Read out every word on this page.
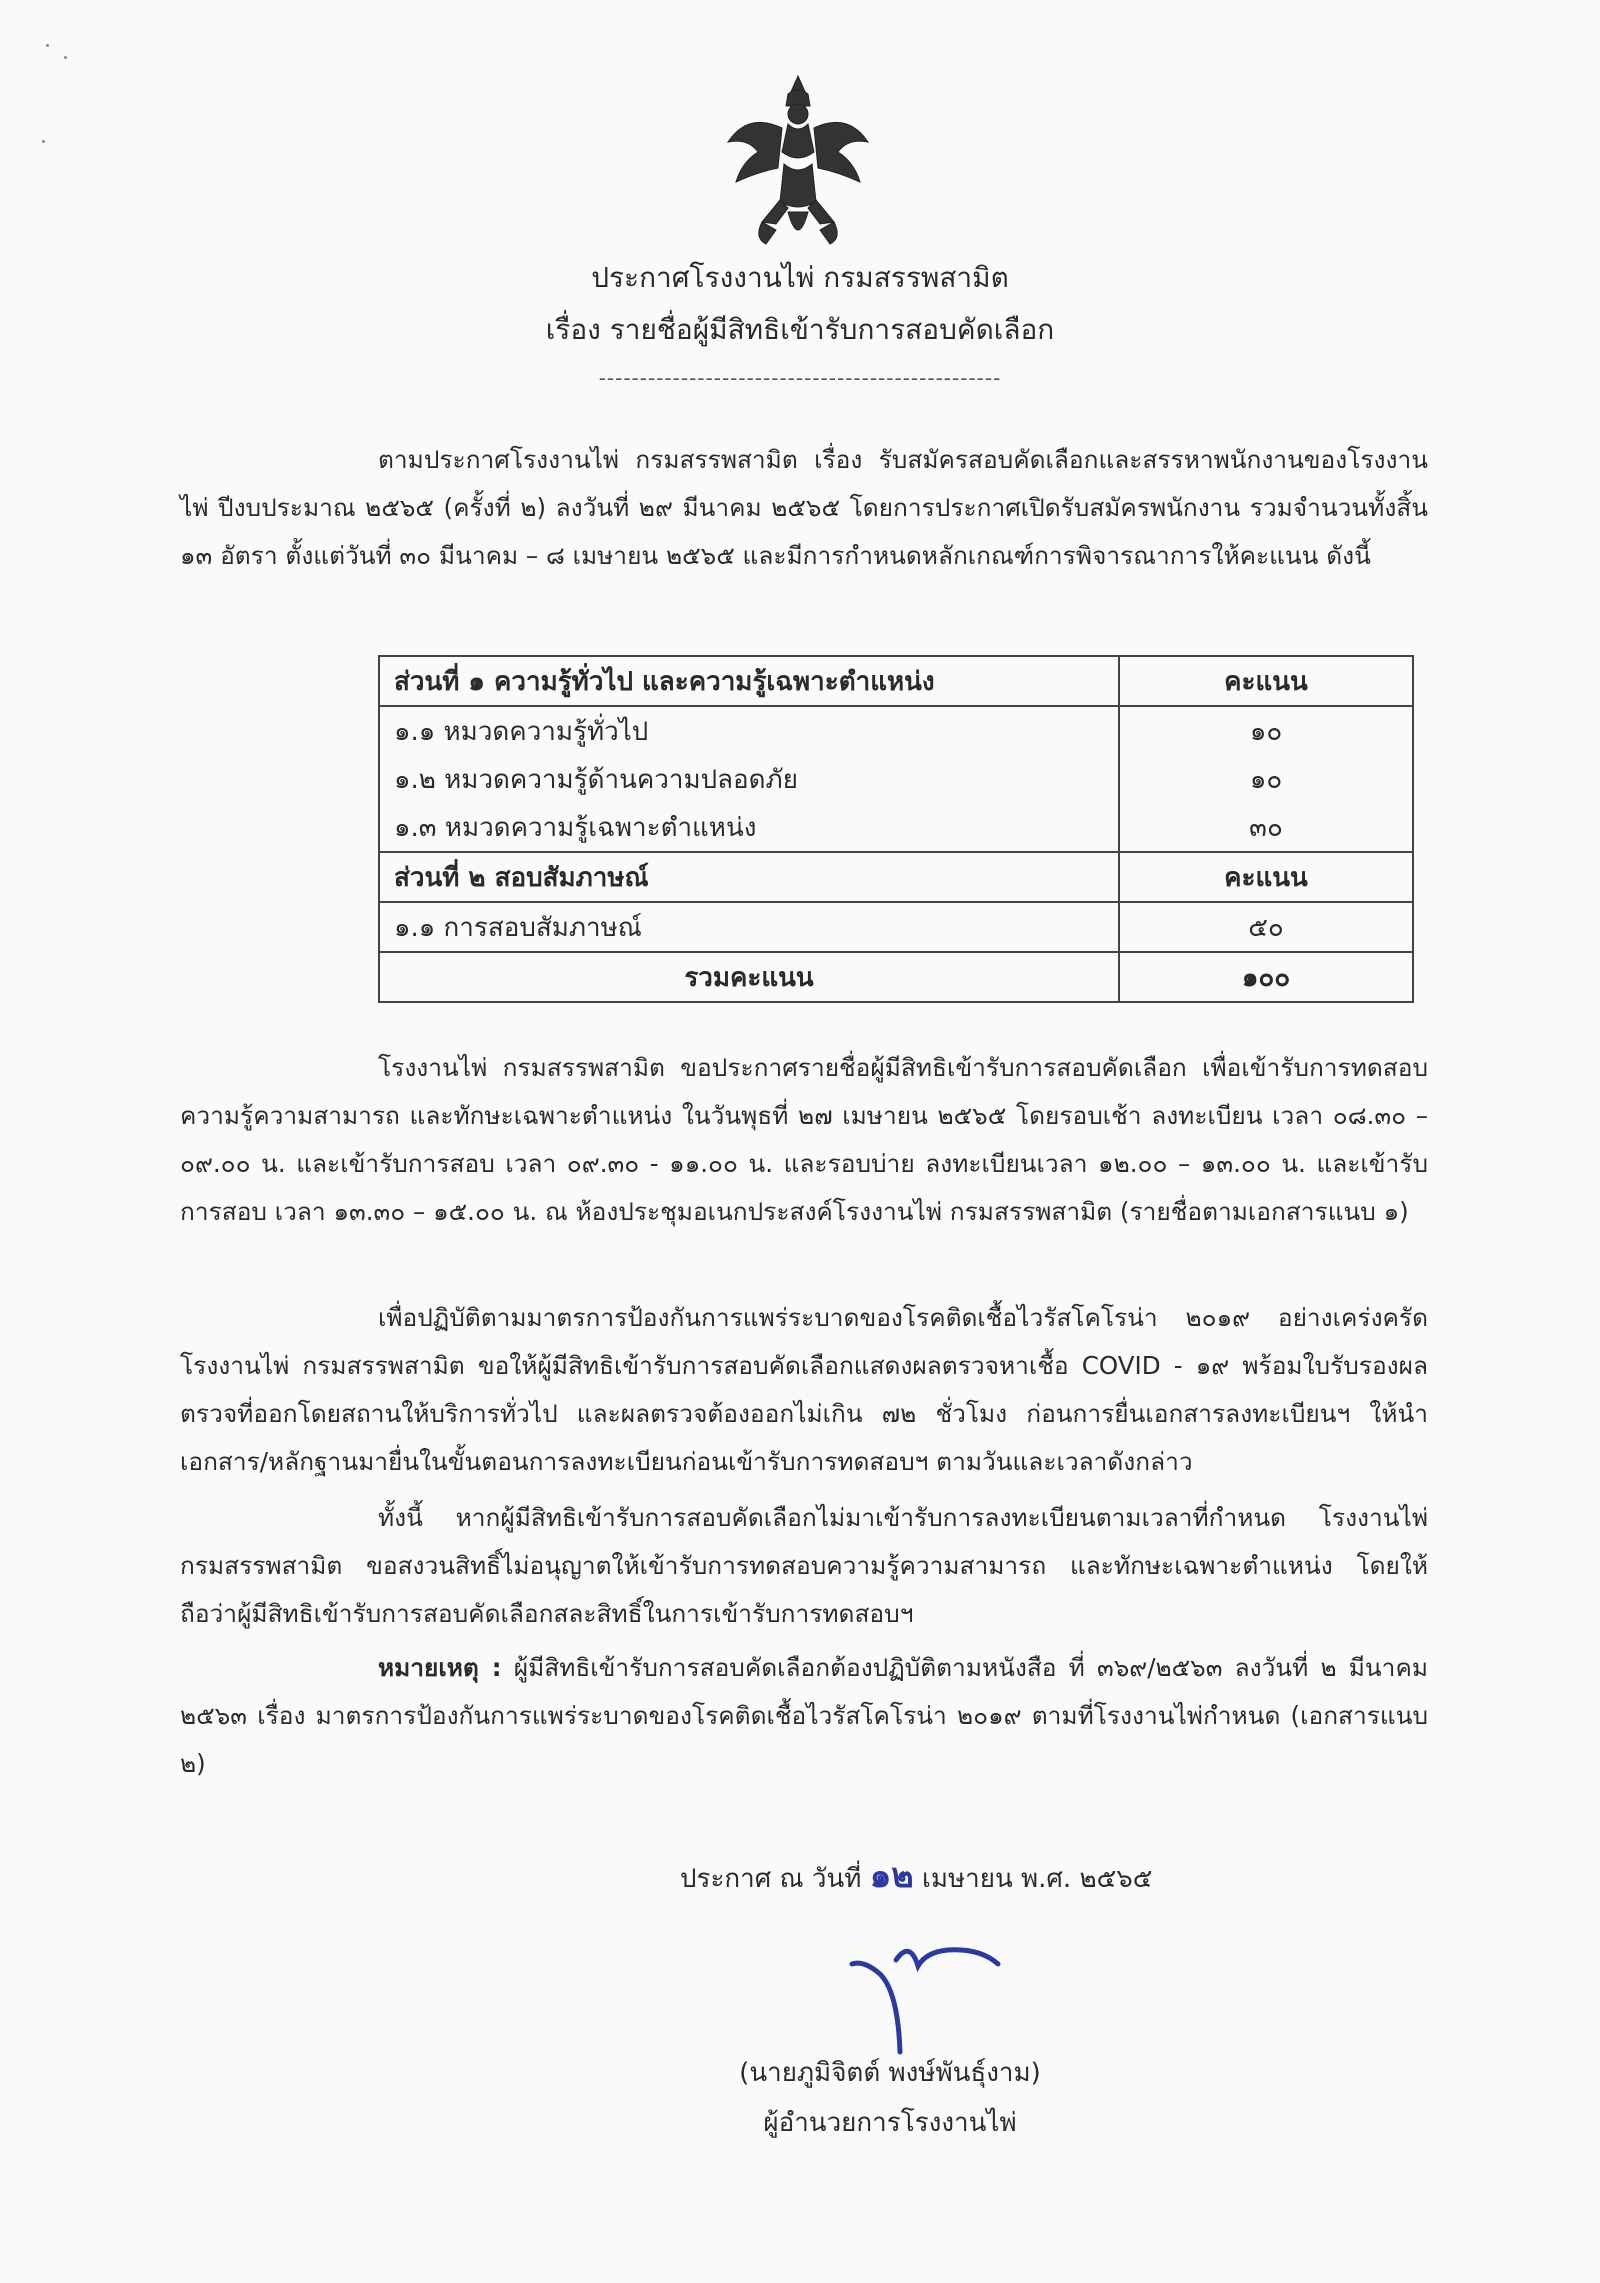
ประกาศโรงงานไพ่ กรมสรรพสามิต
เรื่อง รายชื่อผู้มีสิทธิเข้ารับการสอบคัดเลือก
-------------------------------------------------
ตามประกาศโรงงานไพ่ กรมสรรพสามิต เรื่อง รับสมัครสอบคัดเลือกและสรรหาพนักงานของโรงงานไพ่ ปีงบประมาณ ๒๕๖๕ (ครั้งที่ ๒) ลงวันที่ ๒๙ มีนาคม ๒๕๖๕ โดยการประกาศเปิดรับสมัครพนักงาน รวมจำนวนทั้งสิ้น ๑๓ อัตรา ตั้งแต่วันที่ ๓๐ มีนาคม – ๘ เมษายน ๒๕๖๕ และมีการกำหนดหลักเกณฑ์การพิจารณาการให้คะแนน ดังนี้
ส่วนที่ ๑ ความรู้ทั่วไป และความรู้เฉพาะตำแหน่ง	คะแนน
๑.๑ หมวดความรู้ทั่วไป	๑๐
๑.๒ หมวดความรู้ด้านความปลอดภัย	๑๐
๑.๓ หมวดความรู้เฉพาะตำแหน่ง	๓๐
ส่วนที่ ๒ สอบสัมภาษณ์	คะแนน
๑.๑ การสอบสัมภาษณ์	๕๐
รวมคะแนน	๑๐๐
โรงงานไพ่ กรมสรรพสามิต ขอประกาศรายชื่อผู้มีสิทธิเข้ารับการสอบคัดเลือก เพื่อเข้ารับการทดสอบความรู้ความสามารถ และทักษะเฉพาะตำแหน่ง ในวันพุธที่ ๒๗ เมษายน ๒๕๖๕ โดยรอบเช้า ลงทะเบียน เวลา ๐๘.๓๐ – ๐๙.๐๐ น. และเข้ารับการสอบ เวลา ๐๙.๓๐ - ๑๑.๐๐ น. และรอบบ่าย ลงทะเบียนเวลา ๑๒.๐๐ – ๑๓.๐๐ น. และเข้ารับการสอบ เวลา ๑๓.๓๐ – ๑๕.๐๐ น. ณ ห้องประชุมอเนกประสงค์โรงงานไพ่ กรมสรรพสามิต (รายชื่อตามเอกสารแนบ ๑)
เพื่อปฏิบัติตามมาตรการป้องกันการแพร่ระบาดของโรคติดเชื้อไวรัสโคโรน่า ๒๐๑๙ อย่างเคร่งครัด โรงงานไพ่ กรมสรรพสามิต ขอให้ผู้มีสิทธิเข้ารับการสอบคัดเลือกแสดงผลตรวจหาเชื้อ COVID - ๑๙ พร้อมใบรับรองผลตรวจที่ออกโดยสถานให้บริการทั่วไป และผลตรวจต้องออกไม่เกิน ๗๒ ชั่วโมง ก่อนการยื่นเอกสารลงทะเบียนฯ ให้นำเอกสาร/หลักฐานมายื่นในขั้นตอนการลงทะเบียนก่อนเข้ารับการทดสอบฯ ตามวันและเวลาดังกล่าว
ทั้งนี้ หากผู้มีสิทธิเข้ารับการสอบคัดเลือกไม่มาเข้ารับการลงทะเบียนตามเวลาที่กำหนด โรงงานไพ่ กรมสรรพสามิต ขอสงวนสิทธิ์ไม่อนุญาตให้เข้ารับการทดสอบความรู้ความสามารถ และทักษะเฉพาะตำแหน่ง โดยให้ถือว่าผู้มีสิทธิเข้ารับการสอบคัดเลือกสละสิทธิ์ในการเข้ารับการทดสอบฯ
หมายเหตุ : ผู้มีสิทธิเข้ารับการสอบคัดเลือกต้องปฏิบัติตามหนังสือ ที่ ๓๖๙/๒๕๖๓ ลงวันที่ ๒ มีนาคม ๒๕๖๓ เรื่อง มาตรการป้องกันการแพร่ระบาดของโรคติดเชื้อไวรัสโคโรน่า ๒๐๑๙ ตามที่โรงงานไพ่กำหนด (เอกสารแนบ ๒)
ประกาศ ณ วันที่ ๑๒ เมษายน พ.ศ. ๒๕๖๕
(นายภูมิจิตต์ พงษ์พันธุ์งาม)
ผู้อำนวยการโรงงานไพ่
